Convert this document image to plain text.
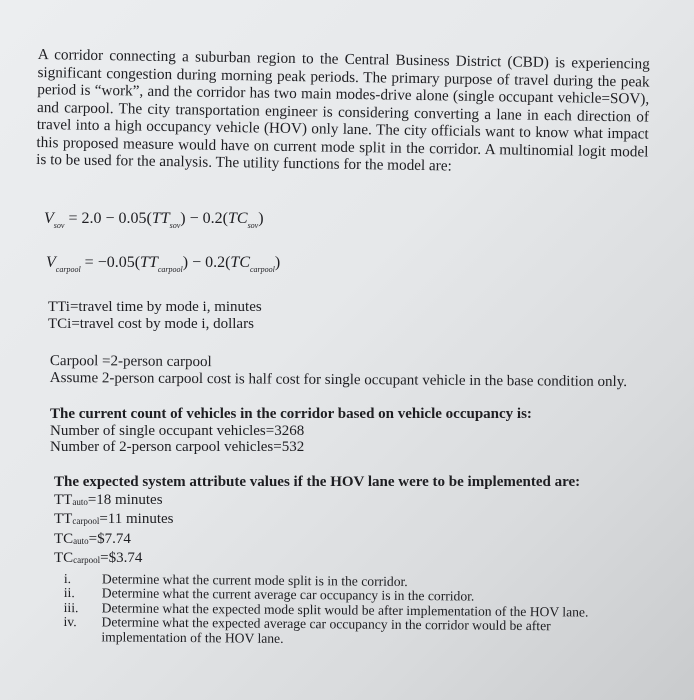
A corridor connecting a suburban region to the Central Business District (CBD) is experiencing significant congestion during morning peak periods. The primary purpose of travel during the peak period is “work”, and the corridor has two main modes-drive alone (single occupant vehicle=SOV), and carpool. The city transportation engineer is considering converting a lane in each direction of travel into a high occupancy vehicle (HOV) only lane. The city officials want to know what impact this proposed measure would have on current mode split in the corridor. A multinomial logit model is to be used for the analysis. The utility functions for the model are:
$V_{sov} = 2.0 - 0.05(TT_{sov}) - 0.2(TC_{sov})$
$V_{carpool} = -0.05(TT_{carpool}) - 0.2(TC_{carpool})$
TTi=travel time by mode i, minutes
TCi=travel cost by mode i, dollars
Carpool =2-person carpool
Assume 2-person carpool cost is half cost for single occupant vehicle in the base condition only.
The current count of vehicles in the corridor based on vehicle occupancy is:
Number of single occupant vehicles=3268
Number of 2-person carpool vehicles=532
The expected system attribute values if the HOV lane were to be implemented are:
$TT_{auto}=18$ minutes
$TT_{carpool}=11$ minutes
$TC_{auto}=\$7.74$
$TC_{carpool}=\$3.74$
i.	Determine what the current mode split is in the corridor.
ii.	Determine what the current average car occupancy is in the corridor.
iii.	Determine what the expected mode split would be after implementation of the HOV lane.
iv.	Determine what the expected average car occupancy in the corridor would be after implementation of the HOV lane.
